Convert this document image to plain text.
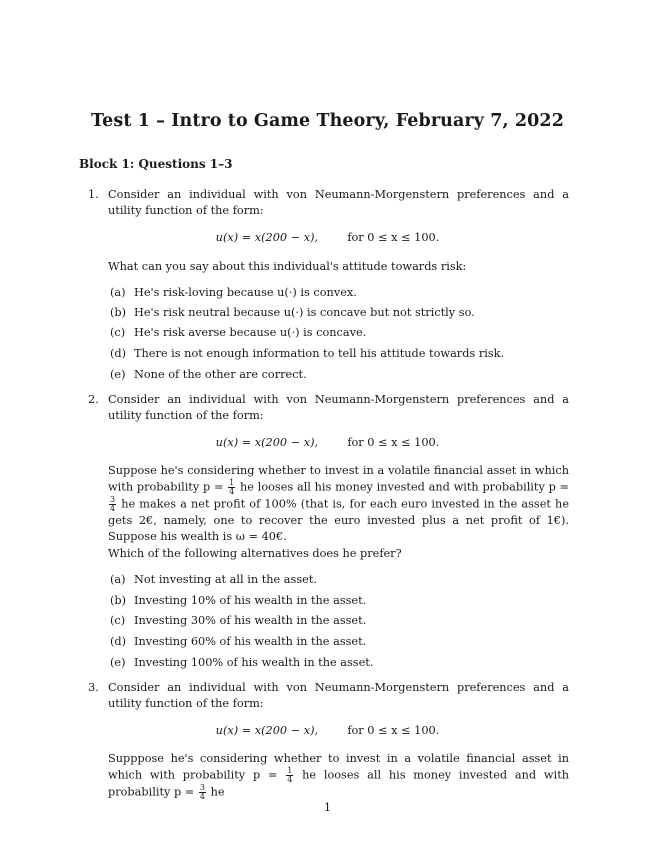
Test 1 – Intro to Game Theory, February 7, 2022
Block 1: Questions 1–3
1. Consider an individual with von Neumann-Morgenstern preferences and a utility function of the form:
u(x) = x(200 − x),	for 0 ≤ x ≤ 100.
What can you say about this individual's attitude towards risk:
(a) He's risk-loving because u(·) is convex.
(b) He's risk neutral because u(·) is concave but not strictly so.
(c) He's risk averse because u(·) is concave.
(d) There is not enough information to tell his attitude towards risk.
(e) None of the other are correct.
2. Consider an individual with von Neumann-Morgenstern preferences and a utility function of the form:
u(x) = x(200 − x),	for 0 ≤ x ≤ 100.

Suppose he's considering whether to invest in a volatile financial asset in which with probability $p = \frac{1}{4}$ he looses all his money invested and with probability p =
$\frac{3}{4}$ he makes a net profit of 100% (that is, for each euro invested in the asset he gets 2€, namely, one to recover the euro invested plus a net profit of 1€). Suppose his wealth is ω = 40€.

Which of the following alternatives does he prefer?
(a) Not investing at all in the asset.
(b) Investing 10% of his wealth in the asset.
(c) Investing 30% of his wealth in the asset.
(d) Investing 60% of his wealth in the asset.
(e) Investing 100% of his wealth in the asset.
3. Consider an individual with von Neumann-Morgenstern preferences and a utility function of the form:
u(x) = x(200 − x),	for 0 ≤ x ≤ 100.

Supppose he's considering whether to invest in a volatile financial asset in which with probability $p = \frac{1}{4}$ he looses all his money invested and with probability $p = \frac{3}{4}$ he

1
